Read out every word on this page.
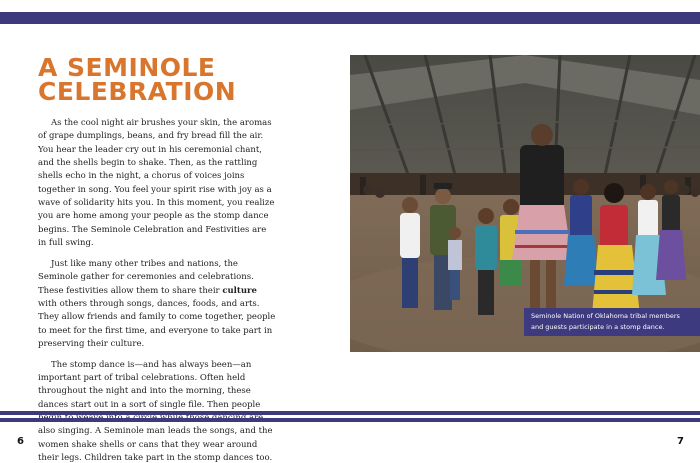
A SEMINOLE
CELEBRATION

As the cool night air brushes your skin, the aromas of grape dumplings, beans, and fry bread fill the air. You hear the leader cry out in his ceremonial chant, and the shells begin to shake. Then, as the rattling shells echo in the night, a chorus of voices joins together in song. You feel your spirit rise with joy as a wave of solidarity hits you. In this moment, you realize you are home among your people as the stomp dance begins. The Seminole Celebration and Festivities are in full swing.

Just like many other tribes and nations, the Seminole gather for ceremonies and celebrations. These festivities allow them to share their culture with others through songs, dances, foods, and arts. They allow friends and family to come together, people to meet for the first time, and everyone to take part in preserving their culture.

The stomp dance is—and has always been—an important part of tribal celebrations. Often held throughout the night and into the morning, these dances start out in a sort of single file. Then people also singing. A Seminole man leads the songs, and the women shake shells or cans that they wear around their legs. Children take part in the stomp dances too.

Seminole Nation of Oklahoma tribal members
and guests participate in a stomp dance.
6	7
